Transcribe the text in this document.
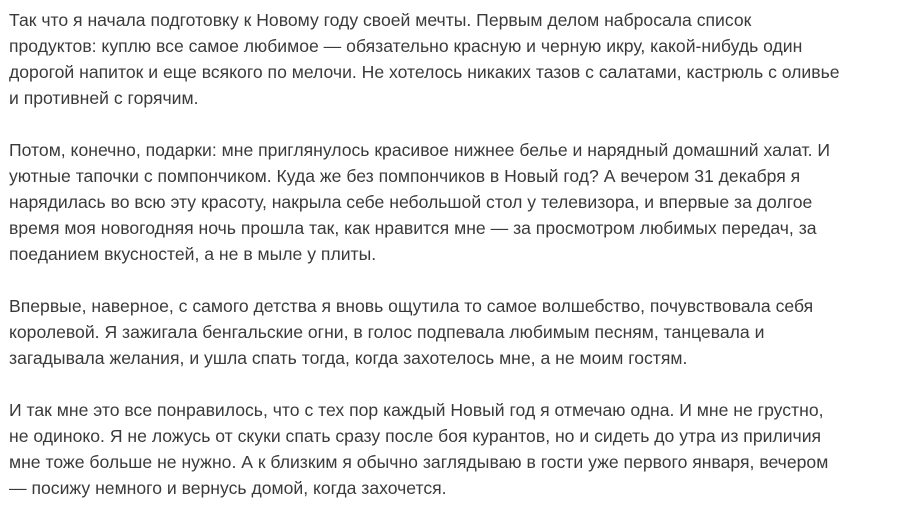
Так что я начала подготовку к Новому году своей мечты. Первым делом набросала список
продуктов: куплю все самое любимое — обязательно красную и черную икру, какой-нибудь один
дорогой напиток и еще всякого по мелочи. Не хотелось никаких тазов с салатами, кастрюль с оливье
и противней с горячим.

Потом, конечно, подарки: мне приглянулось красивое нижнее белье и нарядный домашний халат. И
уютные тапочки с помпончиком. Куда же без помпончиков в Новый год? А вечером 31 декабря я
нарядилась во всю эту красоту, накрыла себе небольшой стол у телевизора, и впервые за долгое
время моя новогодняя ночь прошла так, как нравится мне — за просмотром любимых передач, за
поеданием вкусностей, а не в мыле у плиты.

Впервые, наверное, с самого детства я вновь ощутила то самое волшебство, почувствовала себя
королевой. Я зажигала бенгальские огни, в голос подпевала любимым песням, танцевала и
загадывала желания, и ушла спать тогда, когда захотелось мне, а не моим гостям.

И так мне это все понравилось, что с тех пор каждый Новый год я отмечаю одна. И мне не грустно,
не одиноко. Я не ложусь от скуки спать сразу после боя курантов, но и сидеть до утра из приличия
мне тоже больше не нужно. А к близким я обычно заглядываю в гости уже первого января, вечером
— посижу немного и вернусь домой, когда захочется.
